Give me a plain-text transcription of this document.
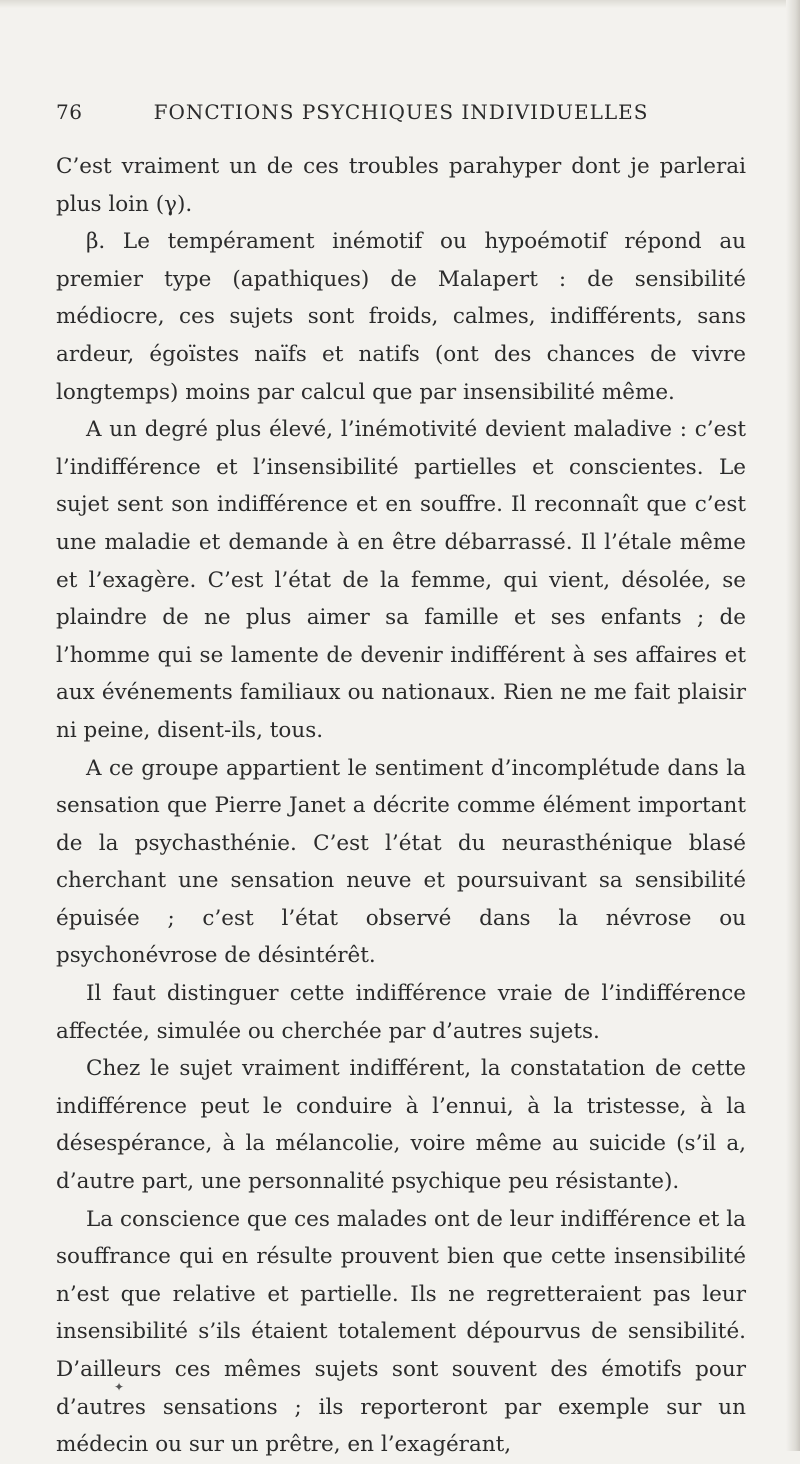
76	FONCTIONS PSYCHIQUES INDIVIDUELLES

C’est vraiment un de ces troubles parahyper dont je parlerai plus loin (γ).

β. Le tempérament inémotif ou hypoémotif répond au premier type (apathiques) de Malapert : de sensibilité médiocre, ces sujets sont froids, calmes, indifférents, sans ardeur, égoïstes naïfs et natifs (ont des chances de vivre longtemps) moins par calcul que par insensibilité même.

A un degré plus élevé, l’inémotivité devient maladive : c’est l’indifférence et l’insensibilité partielles et conscientes. Le sujet sent son indifférence et en souffre. Il reconnaît que c’est une maladie et demande à en être débarrassé. Il l’étale même et l’exagère. C’est l’état de la femme, qui vient, désolée, se plaindre de ne plus aimer sa famille et ses enfants ; de l’homme qui se lamente de devenir indifférent à ses affaires et aux événements familiaux ou nationaux. Rien ne me fait plaisir ni peine, disent-ils, tous.

A ce groupe appartient le sentiment d’incomplétude dans la sensation que Pierre Janet a décrite comme élément important de la psychasthénie. C’est l’état du neurasthénique blasé cherchant une sensation neuve et poursuivant sa sensibilité épuisée ; c’est l’état observé dans la névrose ou psychonévrose de désintérêt.

Il faut distinguer cette indifférence vraie de l’indifférence affectée, simulée ou cherchée par d’autres sujets.

Chez le sujet vraiment indifférent, la constatation de cette indifférence peut le conduire à l’ennui, à la tristesse, à la désespérance, à la mélancolie, voire même au suicide (s’il a, d’autre part, une personnalité psychique peu résistante).

La conscience que ces malades ont de leur indifférence et la souffrance qui en résulte prouvent bien que cette insensibilité n’est que relative et partielle. Ils ne regretteraient pas leur insensibilité s’ils étaient totalement dépourvus de sensibilité. D’ailleurs ces mêmes sujets sont souvent des émotifs pour d’autres sensations ; ils reporteront par exemple sur un médecin ou sur un prêtre, en l’exagérant,

✦
